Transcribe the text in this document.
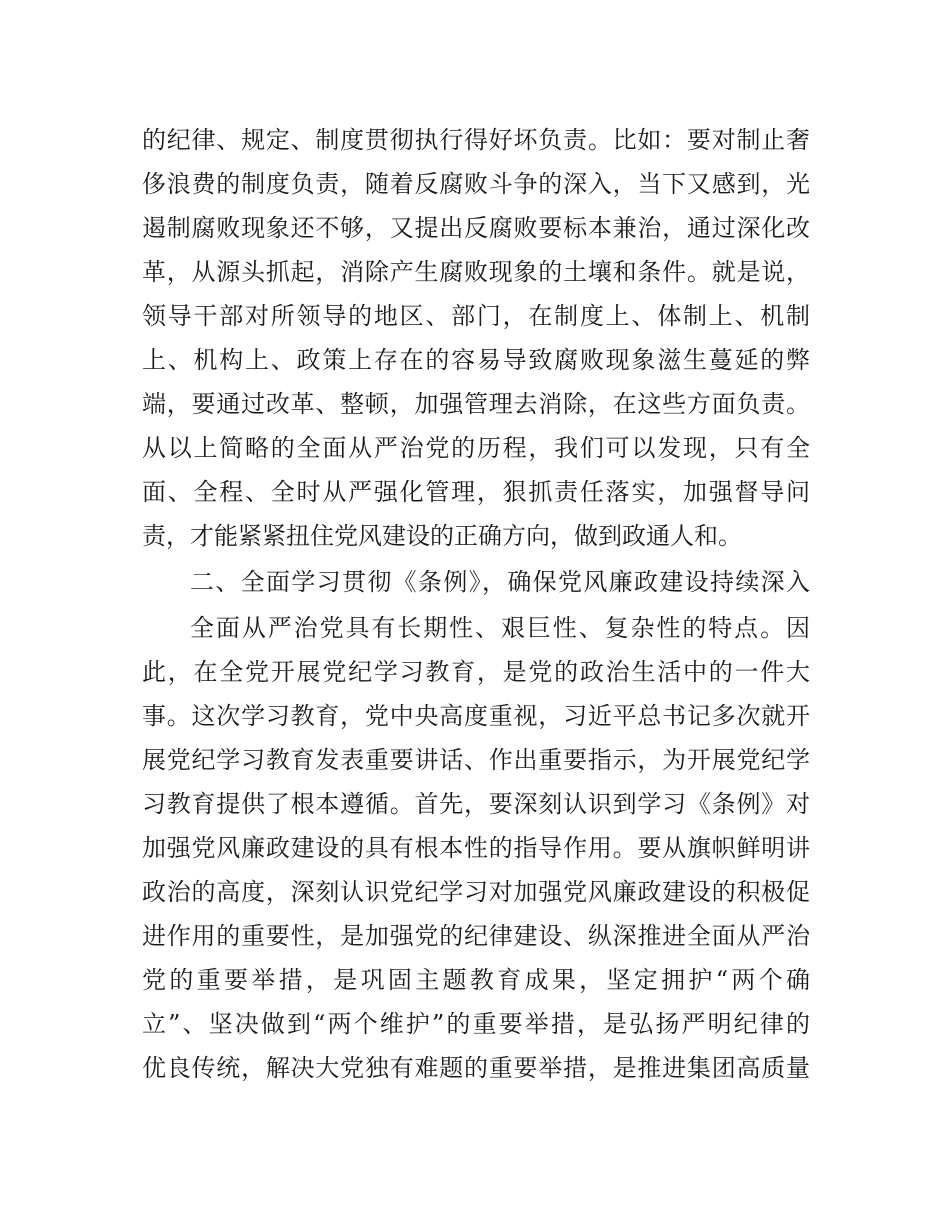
的纪律、规定、制度贯彻执行得好坏负责。比如：要对制止奢
侈浪费的制度负责，随着反腐败斗争的深入，当下又感到，光
遏制腐败现象还不够，又提出反腐败要标本兼治，通过深化改
革，从源头抓起，消除产生腐败现象的土壤和条件。就是说，
领导干部对所领导的地区、部门，在制度上、体制上、机制
上、机构上、政策上存在的容易导致腐败现象滋生蔓延的弊
端，要通过改革、整顿，加强管理去消除，在这些方面负责。
从以上简略的全面从严治党的历程，我们可以发现，只有全
面、全程、全时从严强化管理，狠抓责任落实，加强督导问
责，才能紧紧扭住党风建设的正确方向，做到政通人和。
二、全面学习贯彻《条例》，确保党风廉政建设持续深入
全面从严治党具有长期性、艰巨性、复杂性的特点。因
此，在全党开展党纪学习教育，是党的政治生活中的一件大
事。这次学习教育，党中央高度重视，习近平总书记多次就开
展党纪学习教育发表重要讲话、作出重要指示，为开展党纪学
习教育提供了根本遵循。首先，要深刻认识到学习《条例》对
加强党风廉政建设的具有根本性的指导作用。要从旗帜鲜明讲
政治的高度，深刻认识党纪学习对加强党风廉政建设的积极促
进作用的重要性，是加强党的纪律建设、纵深推进全面从严治
党的重要举措，是巩固主题教育成果，坚定拥护“两个确
立”、坚决做到“两个维护”的重要举措，是弘扬严明纪律的
优良传统，解决大党独有难题的重要举措，是推进集团高质量
